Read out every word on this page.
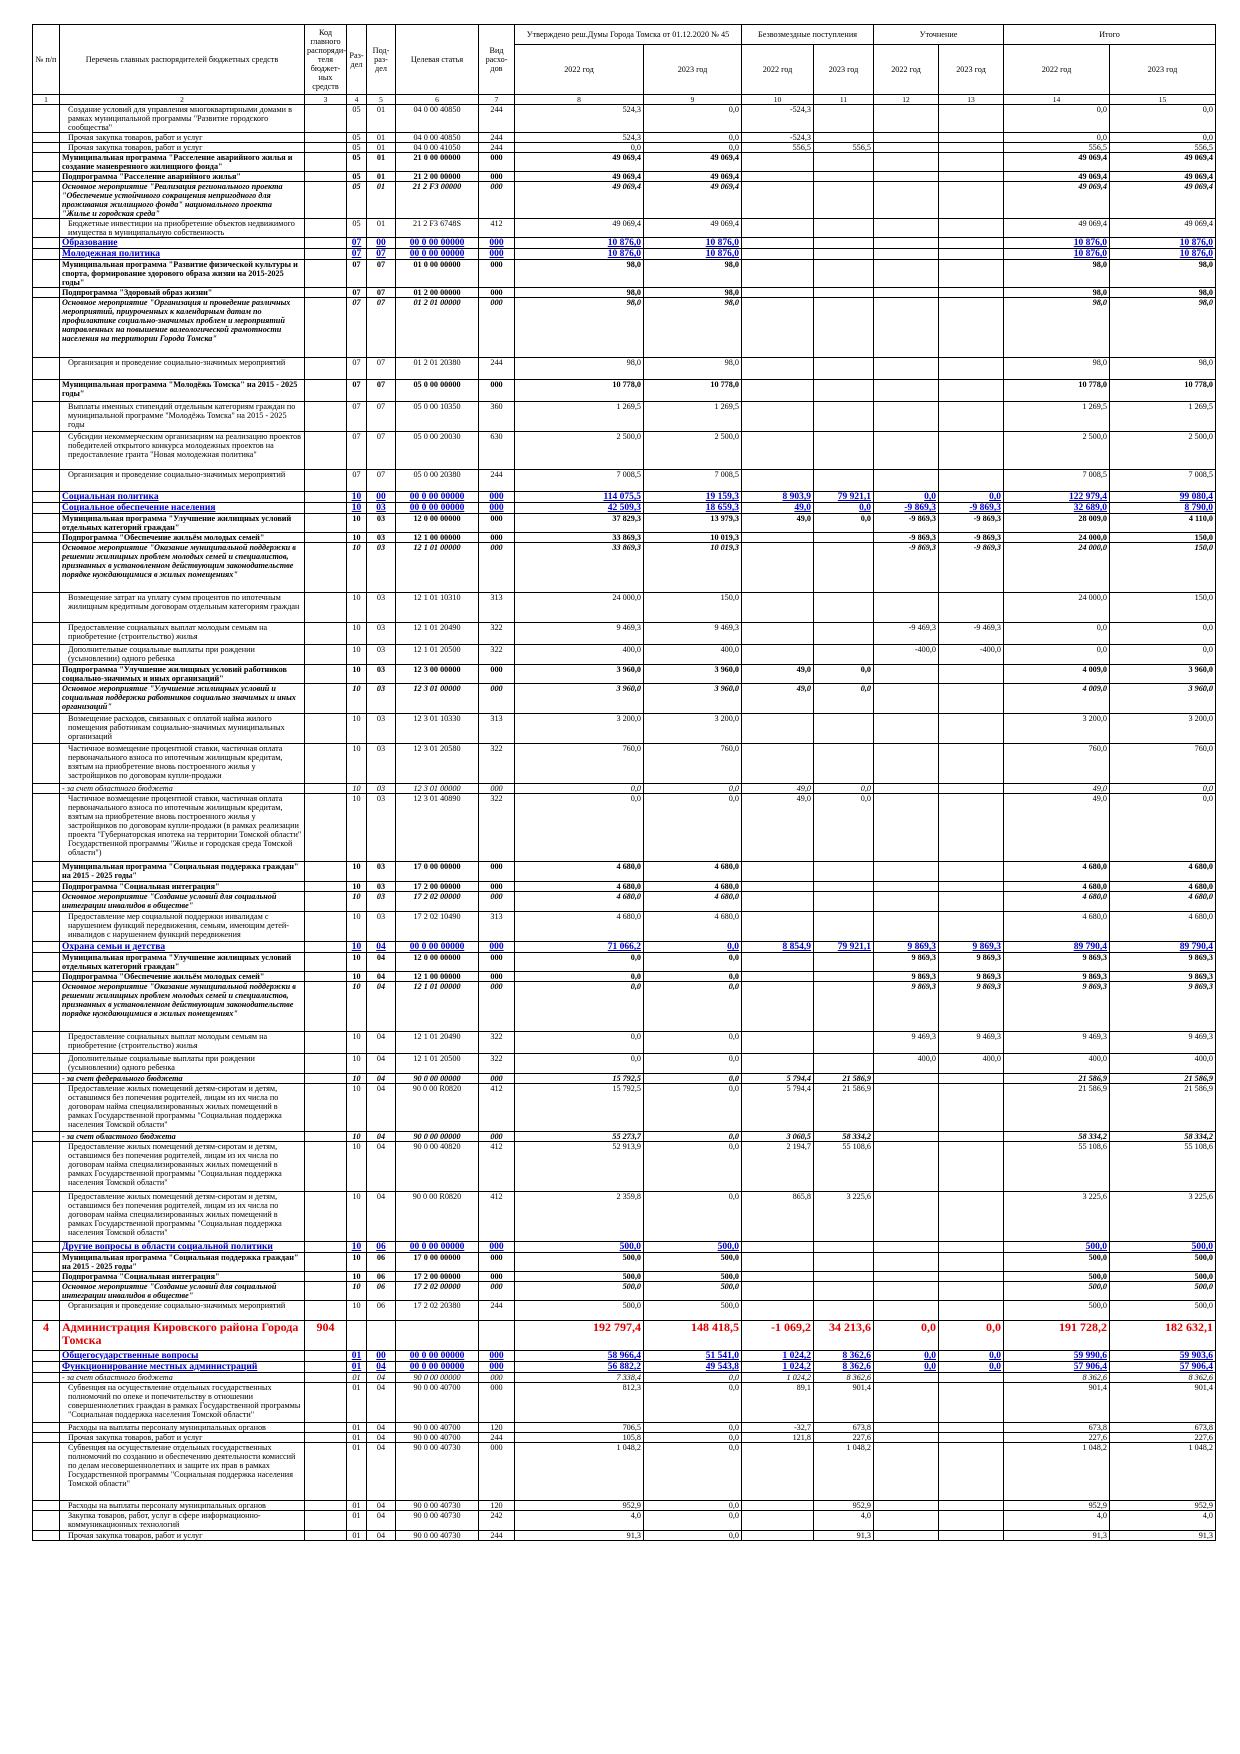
№ п/п	Перечень главных распорядителей бюджетных средств	Код главного распоряди-теля бюджет-ных средств	Раз-дел	Под-раз-дел	Целевая статья	Вид расхо-дов	Утверждено реш.Думы Города Томска от 01.12.2020 № 45		Безвозмездные поступления		Уточнение		Итого	
							2022 год	2023 год	2022 год	2023 год	2022 год	2023 год	2022 год	2023 год
1	2	3	4	5	6	7	8	9	10	11	12	13	14	15
	Создание условий для управления многоквартирными домами в рамках муниципальной программы "Развитие городского сообщества"		05	01	04 0 00 40850	244	524,3	0,0	-524,3				0,0	0,0
	Прочая закупка товаров, работ и услуг		05	01	04 0 00 40850	244	524,3	0,0	-524,3				0,0	0,0
	Прочая закупка товаров, работ и услуг		05	01	04 0 00 41050	244	0,0	0,0	556,5	556,5			556,5	556,5
	Муниципальная программа "Расселение аварийного жилья и создание маневренного жилищного фонда"		05	01	21 0 00 00000	000	49 069,4	49 069,4					49 069,4	49 069,4
	Подпрограмма "Расселение аварийного жилья"		05	01	21 2 00 00000	000	49 069,4	49 069,4					49 069,4	49 069,4
	Основное мероприятие "Реализация регионального проекта "Обеспечение устойчивого сокращения непригодного для проживания жилищного фонда" национального проекта "Жилье и городская среда"		05	01	21 2 F3 00000	000	49 069,4	49 069,4					49 069,4	49 069,4
	Бюджетные инвестиции на приобретение объектов недвижимого имущества в муниципальную собственность		05	01	21 2 F3 6748S	412	49 069,4	49 069,4					49 069,4	49 069,4
	Образование		07	00	00 0 00 00000	000	10 876,0	10 876,0					10 876,0	10 876,0
	Молодежная политика		07	07	00 0 00 00000	000	10 876,0	10 876,0					10 876,0	10 876,0
	Муниципальная программа "Развитие физической культуры и спорта, формирование здорового образа жизни на 2015-2025 годы"		07	07	01 0 00 00000	000	98,0	98,0					98,0	98,0
	Подпрограмма "Здоровый образ жизни"		07	07	01 2 00 00000	000	98,0	98,0					98,0	98,0
	Основное мероприятие "Организация и проведение различных мероприятий, приуроченных к календарным датам по профилактике социально-значимых проблем и мероприятий направленных на повышение валеологической грамотности населения на территории Города Томска"		07	07	01 2 01 00000	000	98,0	98,0					98,0	98,0
	Организация и проведение социально-значимых мероприятий		07	07	01 2 01 20380	244	98,0	98,0					98,0	98,0
	Муниципальная программа "Молодёжь Томска" на 2015 - 2025 годы"		07	07	05 0 00 00000	000	10 778,0	10 778,0					10 778,0	10 778,0
	Выплаты именных стипендий отдельным категориям граждан по муниципальной программе "Молодёжь Томска" на 2015 - 2025 годы		07	07	05 0 00 10350	360	1 269,5	1 269,5					1 269,5	1 269,5
	Субсидии некоммерческим организациям на реализацию проектов победителей открытого конкурса молодежных проектов на предоставление гранта "Новая молодежная политика"		07	07	05 0 00 20030	630	2 500,0	2 500,0					2 500,0	2 500,0
	Организация и проведение социально-значимых мероприятий		07	07	05 0 00 20380	244	7 008,5	7 008,5					7 008,5	7 008,5
	Социальная политика		10	00	00 0 00 00000	000	114 075,5	19 159,3	8 903,9	79 921,1	0,0	0,0	122 979,4	99 080,4
	Социальное обеспечение населения		10	03	00 0 00 00000	000	42 509,3	18 659,3	49,0	0,0	-9 869,3	-9 869,3	32 689,0	8 790,0
	Муниципальная программа "Улучшение жилищных условий отдельных категорий граждан"		10	03	12 0 00 00000	000	37 829,3	13 979,3	49,0	0,0	-9 869,3	-9 869,3	28 009,0	4 110,0
	Подпрограмма "Обеспечение жильём молодых семей"		10	03	12 1 00 00000	000	33 869,3	10 019,3			-9 869,3	-9 869,3	24 000,0	150,0
	Основное мероприятие "Оказание муниципальной поддержки в решении жилищных проблем молодых семей и специалистов, признанных в установленном действующим законодательстве порядке нуждающимися в жилых помещениях"		10	03	12 1 01 00000	000	33 869,3	10 019,3			-9 869,3	-9 869,3	24 000,0	150,0
	Возмещение затрат на уплату сумм процентов по ипотечным жилищным кредитным договорам отдельным категориям граждан		10	03	12 1 01 10310	313	24 000,0	150,0					24 000,0	150,0
	Предоставление социальных выплат молодым семьям на приобретение (строительство) жилья		10	03	12 1 01 20490	322	9 469,3	9 469,3			-9 469,3	-9 469,3	0,0	0,0
	Дополнительные социальные выплаты при рождении (усыновлении) одного ребенка		10	03	12 1 01 20500	322	400,0	400,0			-400,0	-400,0	0,0	0,0
	Подпрограмма "Улучшение жилищных условий работников социально-значимых и иных организаций"		10	03	12 3 00 00000	000	3 960,0	3 960,0	49,0	0,0			4 009,0	3 960,0
	Основное мероприятие "Улучшение жилищных условий и социальная поддержка работников социально значимых и иных организаций"		10	03	12 3 01 00000	000	3 960,0	3 960,0	49,0	0,0			4 009,0	3 960,0
	Возмещение расходов, связанных с оплатой найма жилого помещения работникам социально-значимых муниципальных организаций		10	03	12 3 01 10330	313	3 200,0	3 200,0					3 200,0	3 200,0
	Частичное возмещение процентной ставки, частичная оплата первоначального взноса по ипотечным жилищным кредитам, взятым на приобретение вновь построенного жилья у застройщиков по договорам купли-продажи		10	03	12 3 01 20580	322	760,0	760,0					760,0	760,0
	- за счет областного бюджета		10	03	12 3 01 00000	000	0,0	0,0	49,0	0,0			49,0	0,0
	Частичное возмещение процентной ставки, частичная оплата первоначального взноса по ипотечным жилищным кредитам, взятым на приобретение вновь построенного жилья у застройщиков по договорам купли-продажи (в рамках реализации проекта "Губернаторская ипотека на территории Томской области" Государственной программы "Жилье и городская среда Томской области")		10	03	12 3 01 40890	322	0,0	0,0	49,0	0,0			49,0	0,0
	Муниципальная программа "Социальная поддержка граждан" на 2015 - 2025 годы"		10	03	17 0 00 00000	000	4 680,0	4 680,0					4 680,0	4 680,0
	Подпрограмма "Социальная интеграция"		10	03	17 2 00 00000	000	4 680,0	4 680,0					4 680,0	4 680,0
	Основное мероприятие "Создание условий для социальной интеграции инвалидов в обществе"		10	03	17 2 02 00000	000	4 680,0	4 680,0					4 680,0	4 680,0
	Предоставление мер социальной поддержки инвалидам с нарушением функций передвижения, семьям, имеющим детей-инвалидов с нарушением функций передвижения		10	03	17 2 02 10490	313	4 680,0	4 680,0					4 680,0	4 680,0
	Охрана семьи и детства		10	04	00 0 00 00000	000	71 066,2	0,0	8 854,9	79 921,1	9 869,3	9 869,3	89 790,4	89 790,4
	Муниципальная программа "Улучшение жилищных условий отдельных категорий граждан"		10	04	12 0 00 00000	000	0,0	0,0			9 869,3	9 869,3	9 869,3	9 869,3
	Подпрограмма "Обеспечение жильём молодых семей"		10	04	12 1 00 00000	000	0,0	0,0			9 869,3	9 869,3	9 869,3	9 869,3
	Основное мероприятие "Оказание муниципальной поддержки в решении жилищных проблем молодых семей и специалистов, признанных в установленном действующим законодательстве порядке нуждающимися в жилых помещениях"		10	04	12 1 01 00000	000	0,0	0,0			9 869,3	9 869,3	9 869,3	9 869,3
	Предоставление социальных выплат молодым семьям на приобретение (строительство) жилья		10	04	12 1 01 20490	322	0,0	0,0			9 469,3	9 469,3	9 469,3	9 469,3
	Дополнительные социальные выплаты при рождении (усыновлении) одного ребенка		10	04	12 1 01 20500	322	0,0	0,0			400,0	400,0	400,0	400,0
	- за счет федерального бюджета		10	04	90 0 00 00000	000	15 792,5	0,0	5 794,4	21 586,9			21 586,9	21 586,9
	Предоставление жилых помещений детям-сиротам и детям, оставшимся без попечения родителей, лицам из их числа по договорам найма специализированных жилых помещений в рамках Государственной программы "Социальная поддержка населения Томской области"		10	04	90 0 00 R0820	412	15 792,5	0,0	5 794,4	21 586,9			21 586,9	21 586,9
	- за счет областного бюджета		10	04	90 0 00 00000	000	55 273,7	0,0	3 060,5	58 334,2			58 334,2	58 334,2
	Предоставление жилых помещений детям-сиротам и детям, оставшимся без попечения родителей, лицам из их числа по договорам найма специализированных жилых помещений в рамках Государственной программы "Социальная поддержка населения Томской области"		10	04	90 0 00 40820	412	52 913,9	0,0	2 194,7	55 108,6			55 108,6	55 108,6
	Предоставление жилых помещений детям-сиротам и детям, оставшимся без попечения родителей, лицам из их числа по договорам найма специализированных жилых помещений в рамках Государственной программы "Социальная поддержка населения Томской области"		10	04	90 0 00 R0820	412	2 359,8	0,0	865,8	3 225,6			3 225,6	3 225,6
	Другие вопросы в области социальной политики		10	06	00 0 00 00000	000	500,0	500,0					500,0	500,0
	Муниципальная программа "Социальная поддержка граждан" на 2015 - 2025 годы"		10	06	17 0 00 00000	000	500,0	500,0					500,0	500,0
	Подпрограмма "Социальная интеграция"		10	06	17 2 00 00000	000	500,0	500,0					500,0	500,0
	Основное мероприятие "Создание условий для социальной интеграции инвалидов в обществе"		10	06	17 2 02 00000	000	500,0	500,0					500,0	500,0
	Организация и проведение социально-значимых мероприятий		10	06	17 2 02 20380	244	500,0	500,0					500,0	500,0
4	Администрация Кировского района Города Томска	904					192 797,4	148 418,5	-1 069,2	34 213,6	0,0	0,0	191 728,2	182 632,1
	Общегосударственные вопросы		01	00	00 0 00 00000	000	58 966,4	51 541,0	1 024,2	8 362,6	0,0	0,0	59 990,6	59 903,6
	Функционирование местных администраций		01	04	00 0 00 00000	000	56 882,2	49 543,8	1 024,2	8 362,6	0,0	0,0	57 906,4	57 906,4
	- за счет областного бюджета		01	04	90 0 00 00000	000	7 338,4	0,0	1 024,2	8 362,6			8 362,6	8 362,6
	Субвенция на осуществление отдельных государственных полномочий по опеке и попечительству в отношении совершеннолетних граждан в рамках Государственной программы "Социальная поддержка населения Томской области"		01	04	90 0 00 40700	000	812,3	0,0	89,1	901,4			901,4	901,4
	Расходы на выплаты персоналу муниципальных органов		01	04	90 0 00 40700	120	706,5	0,0	-32,7	673,8			673,8	673,8
	Прочая закупка товаров, работ и услуг		01	04	90 0 00 40700	244	105,8	0,0	121,8	227,6			227,6	227,6
	Субвенция на осуществление отдельных государственных полномочий по созданию и обеспечению деятельности комиссий по делам несовершеннолетних и защите их прав в рамках Государственной программы "Социальная поддержка населения Томской области"		01	04	90 0 00 40730	000	1 048,2	0,0		1 048,2			1 048,2	1 048,2
	Расходы на выплаты персоналу муниципальных органов		01	04	90 0 00 40730	120	952,9	0,0		952,9			952,9	952,9
	Закупка товаров, работ, услуг в сфере информационно-коммуникационных технологий		01	04	90 0 00 40730	242	4,0	0,0		4,0			4,0	4,0
	Прочая закупка товаров, работ и услуг		01	04	90 0 00 40730	244	91,3	0,0		91,3			91,3	91,3
